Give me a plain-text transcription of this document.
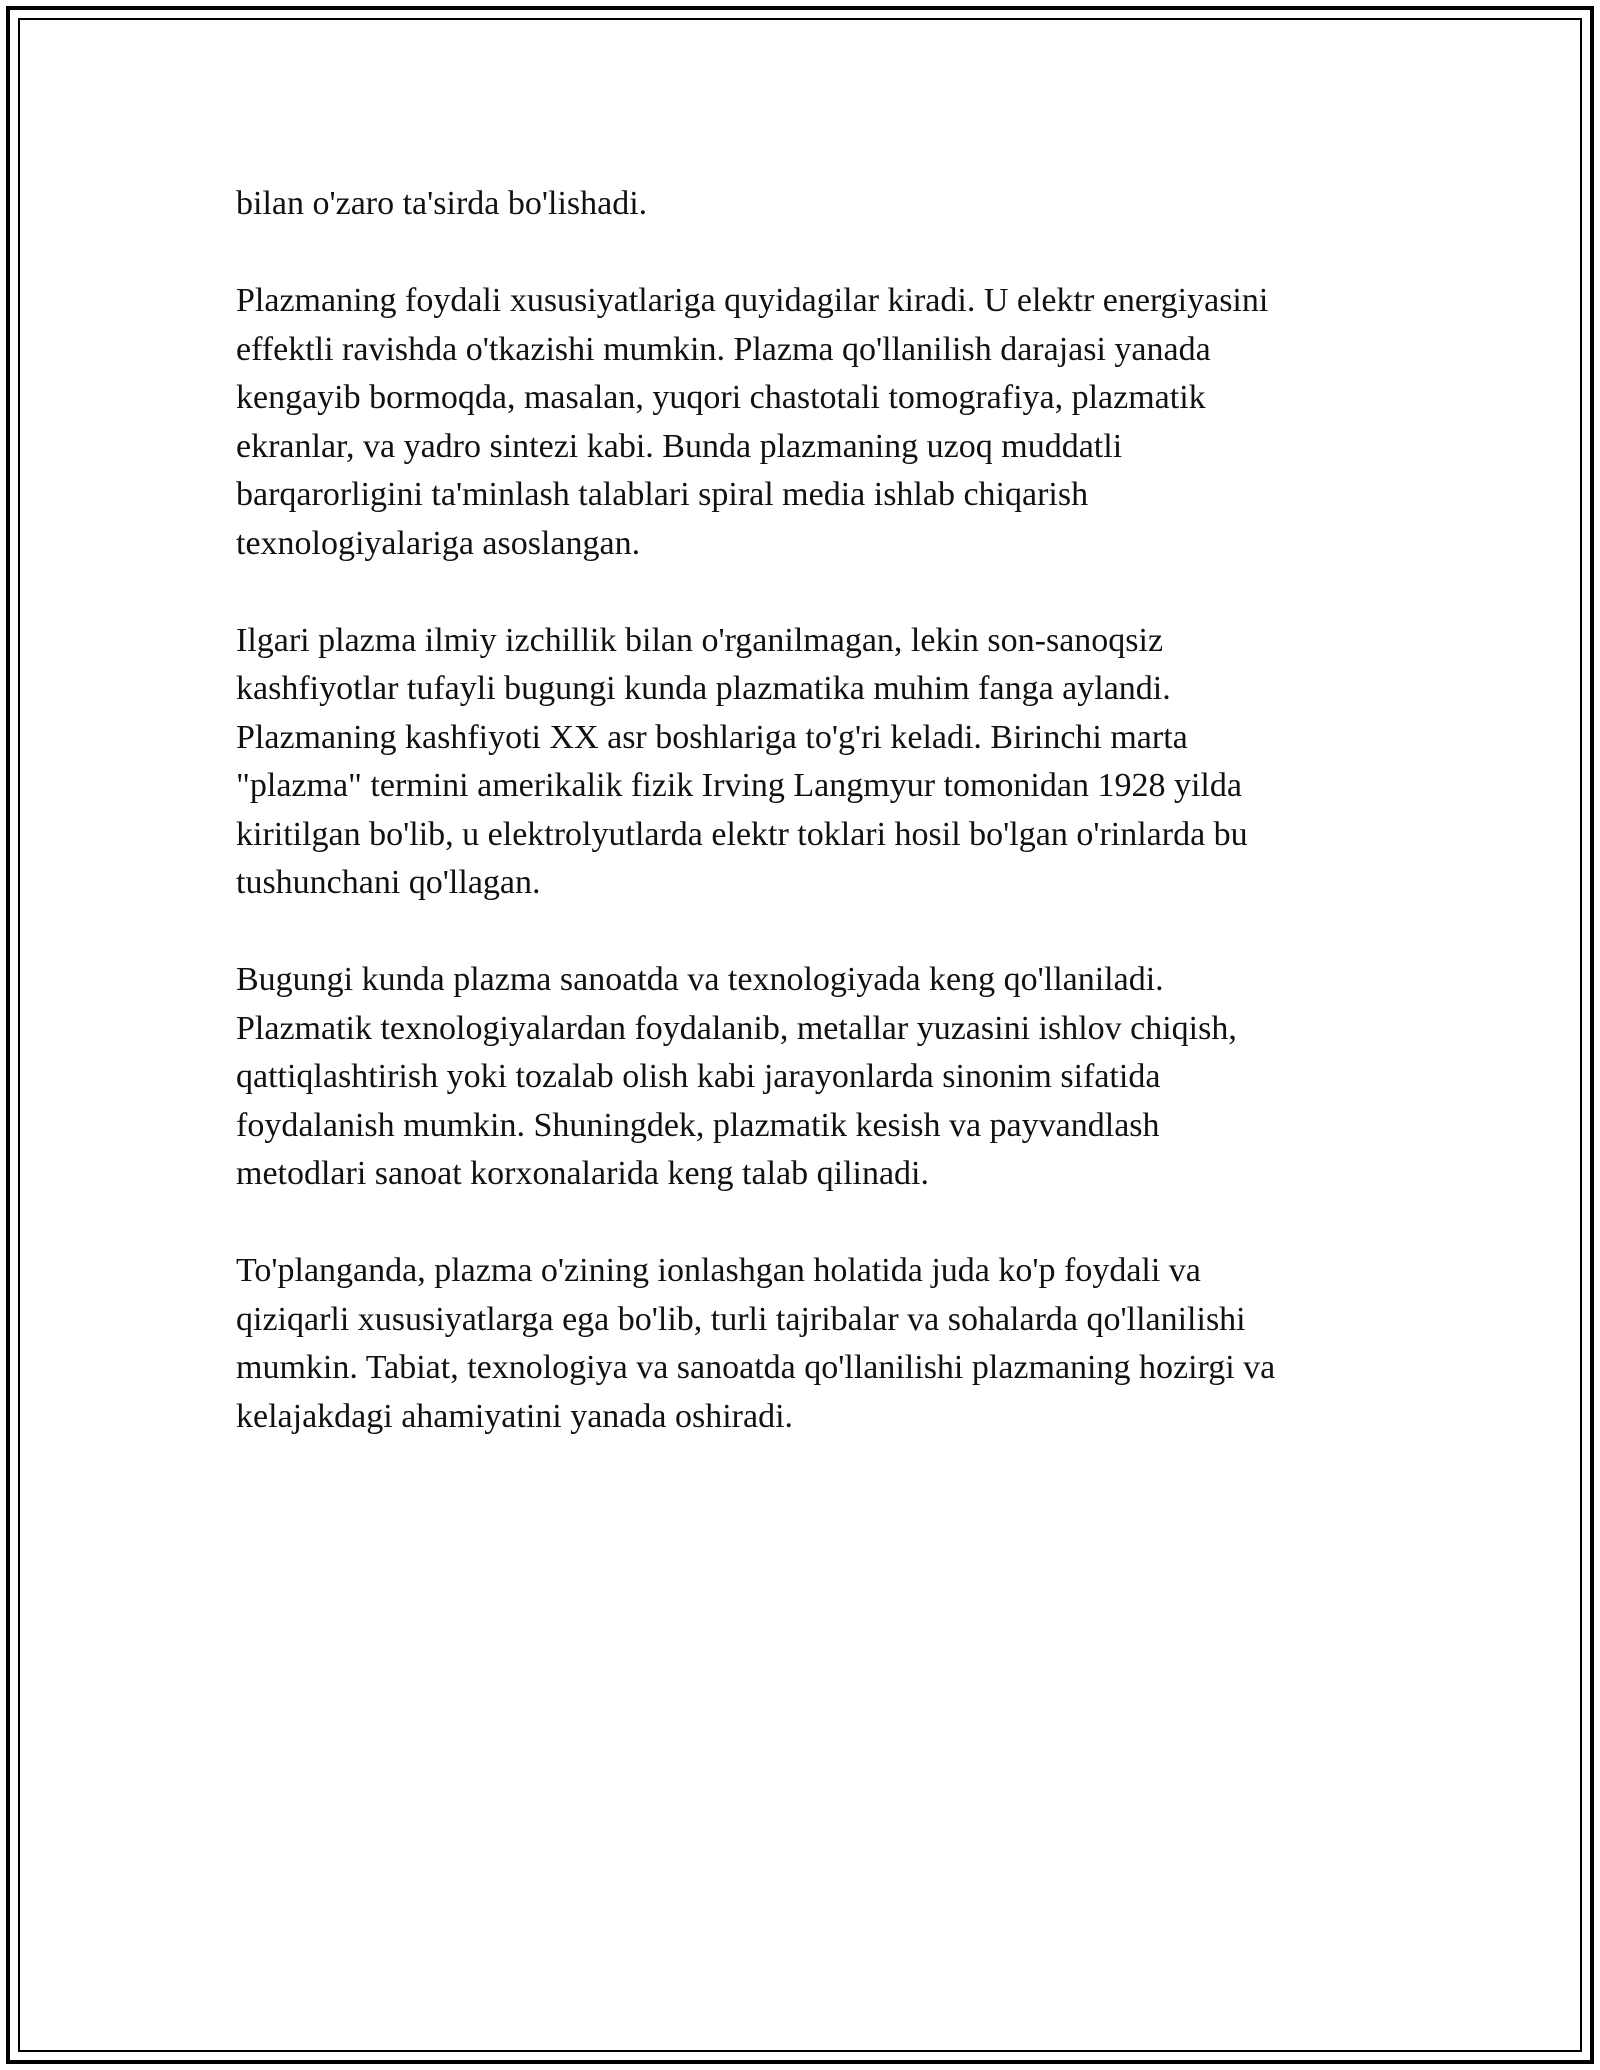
bilan o'zaro ta'sirda bo'lishadi.

Plazmaning foydali xususiyatlariga quyidagilar kiradi. U elektr energiyasini
effektli ravishda o'tkazishi mumkin. Plazma qo'llanilish darajasi yanada
kengayib bormoqda, masalan, yuqori chastotali tomografiya, plazmatik
ekranlar, va yadro sintezi kabi. Bunda plazmaning uzoq muddatli
barqarorligini ta'minlash talablari spiral media ishlab chiqarish
texnologiyalariga asoslangan.

Ilgari plazma ilmiy izchillik bilan o'rganilmagan, lekin son-sanoqsiz
kashfiyotlar tufayli bugungi kunda plazmatika muhim fanga aylandi.
Plazmaning kashfiyoti XX asr boshlariga to'g'ri keladi. Birinchi marta
"plazma" termini amerikalik fizik Irving Langmyur tomonidan 1928 yilda
kiritilgan bo'lib, u elektrolyutlarda elektr toklari hosil bo'lgan o'rinlarda bu
tushunchani qo'llagan.

Bugungi kunda plazma sanoatda va texnologiyada keng qo'llaniladi.
Plazmatik texnologiyalardan foydalanib, metallar yuzasini ishlov chiqish,
qattiqlashtirish yoki tozalab olish kabi jarayonlarda sinonim sifatida
foydalanish mumkin. Shuningdek, plazmatik kesish va payvandlash
metodlari sanoat korxonalarida keng talab qilinadi.

To'planganda, plazma o'zining ionlashgan holatida juda ko'p foydali va
qiziqarli xususiyatlarga ega bo'lib, turli tajribalar va sohalarda qo'llanilishi
mumkin. Tabiat, texnologiya va sanoatda qo'llanilishi plazmaning hozirgi va
kelajakdagi ahamiyatini yanada oshiradi.
